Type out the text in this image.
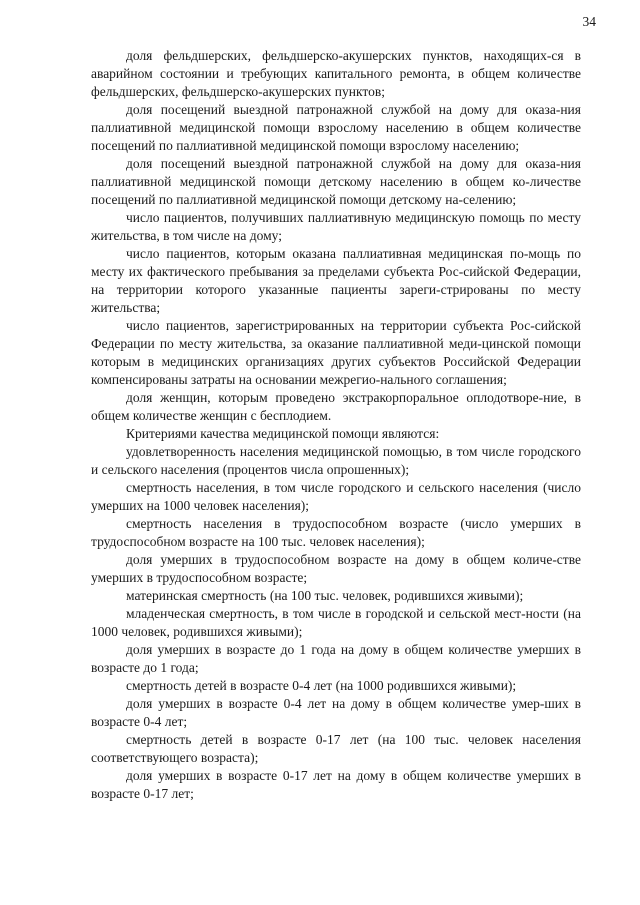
34

доля фельдшерских, фельдшерско-акушерских пунктов, находящих-ся в аварийном состоянии и требующих капитального ремонта, в общем количестве фельдшерских, фельдшерско-акушерских пунктов;

доля посещений выездной патронажной службой на дому для оказа-ния паллиативной медицинской помощи взрослому населению в общем количестве посещений по паллиативной медицинской помощи взрослому населению;

доля посещений выездной патронажной службой на дому для оказа-ния паллиативной медицинской помощи детскому населению в общем ко-личестве посещений по паллиативной медицинской помощи детскому на-селению;

число пациентов, получивших паллиативную медицинскую помощь по месту жительства, в том числе на дому;

число пациентов, которым оказана паллиативная медицинская по-мощь по месту их фактического пребывания за пределами субъекта Рос-сийской Федерации, на территории которого указанные пациенты зареги-стрированы по месту жительства;

число пациентов, зарегистрированных на территории субъекта Рос-сийской Федерации по месту жительства, за оказание паллиативной меди-цинской помощи которым в медицинских организациях других субъектов Российской Федерации компенсированы затраты на основании межрегио-нального соглашения;

доля женщин, которым проведено экстракорпоральное оплодотворе-ние, в общем количестве женщин с бесплодием.

Критериями качества медицинской помощи являются:

удовлетворенность населения медицинской помощью, в том числе городского и сельского населения (процентов числа опрошенных);

смертность населения, в том числе городского и сельского населения (число умерших на 1000 человек населения);

смертность населения в трудоспособном возрасте (число умерших в трудоспособном возрасте на 100 тыс. человек населения);

доля умерших в трудоспособном возрасте на дому в общем количе-стве умерших в трудоспособном возрасте;

материнская смертность (на 100 тыс. человек, родившихся живыми);

младенческая смертность, в том числе в городской и сельской мест-ности (на 1000 человек, родившихся живыми);

доля умерших в возрасте до 1 года на дому в общем количестве умерших в возрасте до 1 года;

смертность детей в возрасте 0-4 лет (на 1000 родившихся живыми);

доля умерших в возрасте 0-4 лет на дому в общем количестве умер-ших в возрасте 0-4 лет;

смертность детей в возрасте 0-17 лет (на 100 тыс. человек населения соответствующего возраста);

доля умерших в возрасте 0-17 лет на дому в общем количестве умерших в возрасте 0-17 лет;
